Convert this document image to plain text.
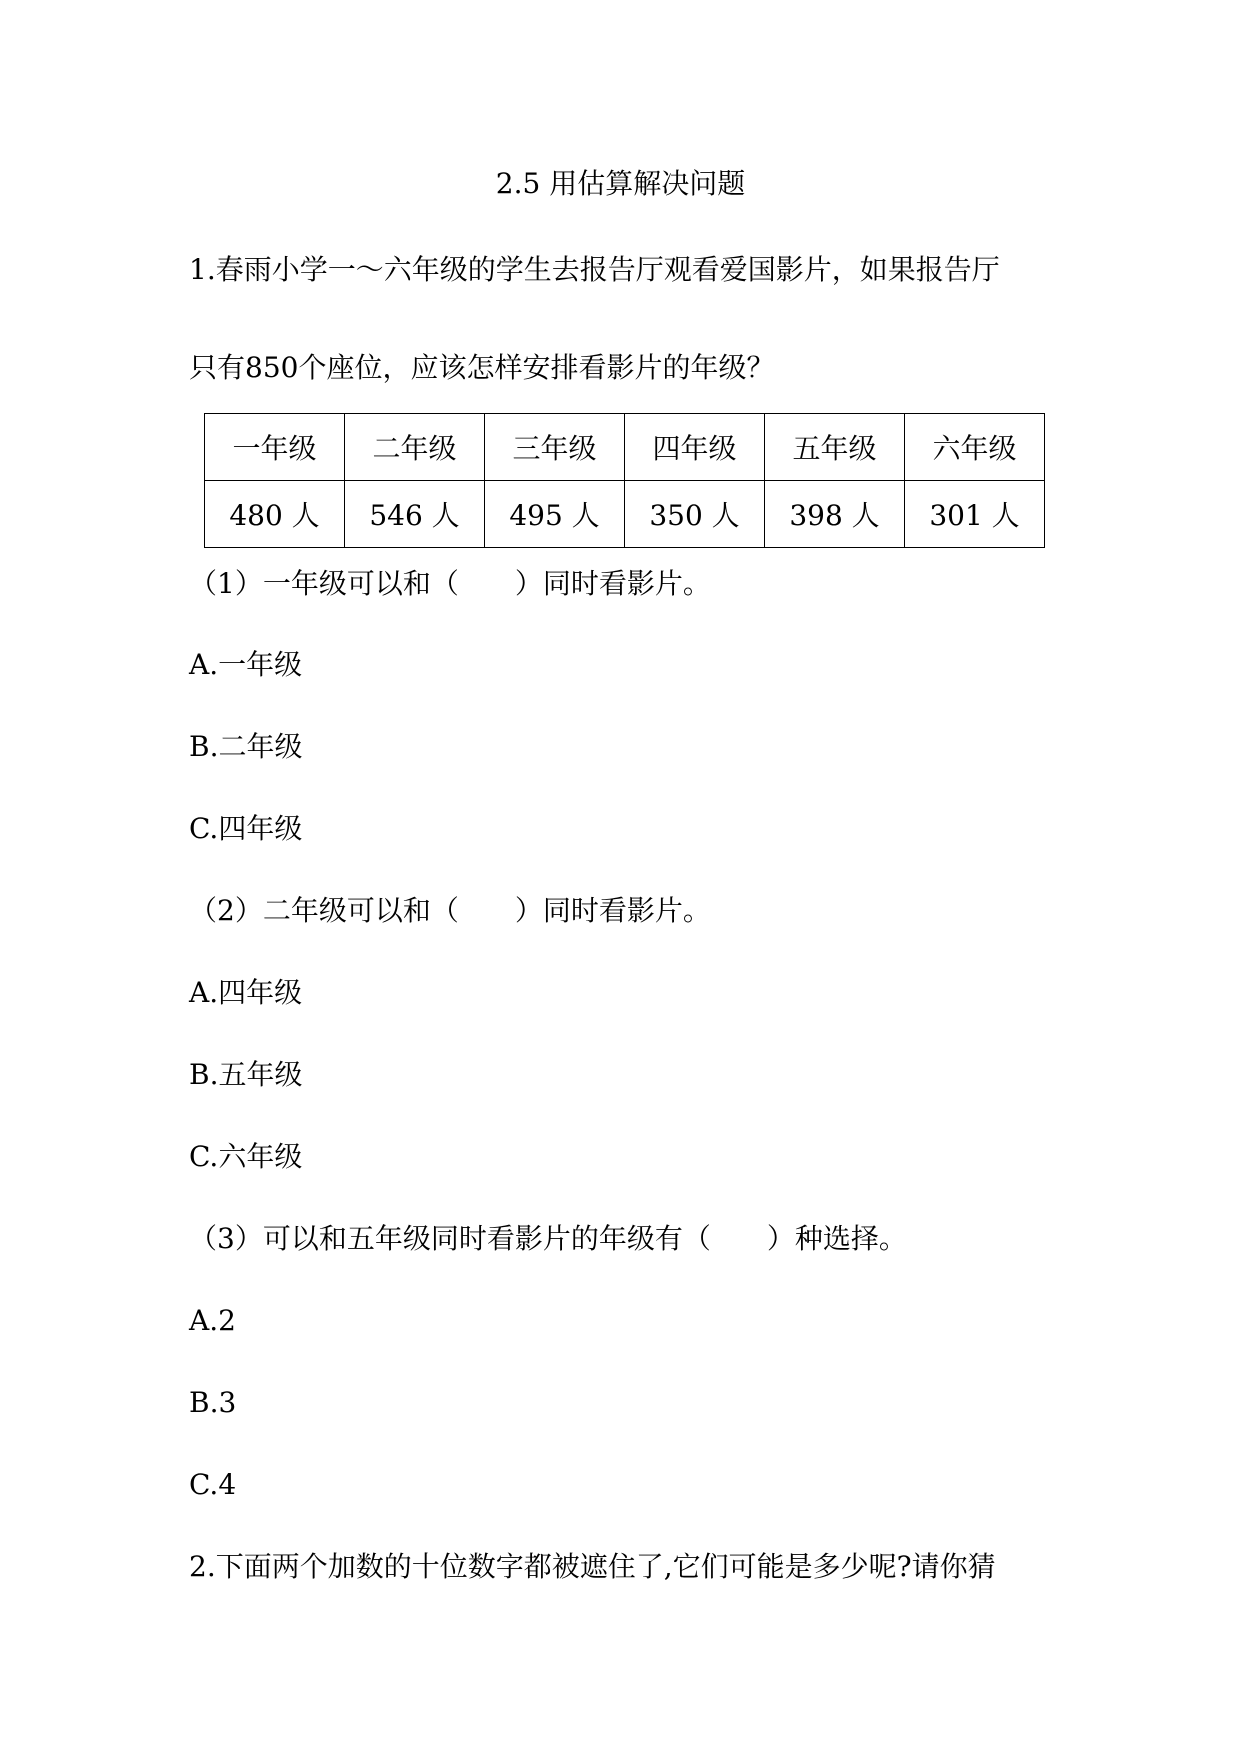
2.5 用估算解决问题
1.春雨小学一～六年级的学生去报告厅观看爱国影片，如果报告厅
只有850个座位，应该怎样安排看影片的年级？
一年级	二年级	三年级	四年级	五年级	六年级
480 人	546 人	495 人	350 人	398 人	301 人
（1）一年级可以和（　　）同时看影片。
A.一年级
B.二年级
C.四年级
（2）二年级可以和（　　）同时看影片。
A.四年级
B.五年级
C.六年级
（3）可以和五年级同时看影片的年级有（　　）种选择。
A.2
B.3
C.4
2.下面两个加数的十位数字都被遮住了,它们可能是多少呢?请你猜
